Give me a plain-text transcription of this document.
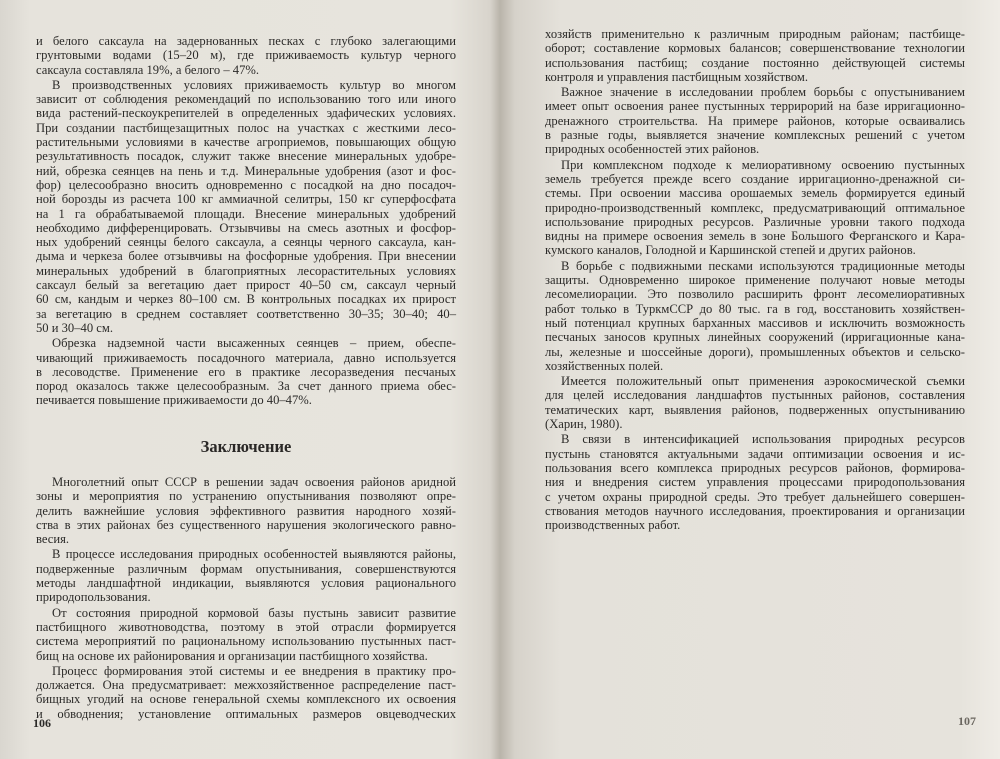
и белого саксаула на задернованных песках с глубоко залегающими
грунтовыми водами (15–20 м), где приживаемость культур черного
саксаула составляла 19%, а белого – 47%.
В производственных условиях приживаемость культур во многом
зависит от соблюдения рекомендаций по использованию того или иного
вида растений-пескоукрепителей в определенных эдафических условиях.
При создании пастбищезащитных полос на участках с жесткими лесо-
растительными условиями в качестве агроприемов, повышающих общую
результативность посадок, служит также внесение минеральных удобре-
ний, обрезка сеянцев на пень и т.д. Минеральные удобрения (азот и фос-
фор) целесообразно вносить одновременно с посадкой на дно посадоч-
ной борозды из расчета 100 кг аммиачной селитры, 150 кг суперфосфата
на 1 га обрабатываемой площади. Внесение минеральных удобрений
необходимо дифференцировать. Отзывчивы на смесь азотных и фосфор-
ных удобрений сеянцы белого саксаула, а сеянцы черного саксаула, кан-
дыма и черкеза более отзывчивы на фосфорные удобрения. При внесении
минеральных удобрений в благоприятных лесорастительных условиях
саксаул белый за вегетацию дает прирост 40–50 см, саксаул черный
60 см, кандым и черкез 80–100 см. В контрольных посадках их прирост
за вегетацию в среднем составляет соответственно 30–35; 30–40; 40–
50 и 30–40 см.
Обрезка надземной части высаженных сеянцев – прием, обеспе-
чивающий приживаемость посадочного материала, давно используется
в лесоводстве. Применение его в практике лесоразведения песчаных
пород оказалось также целесообразным. За счет данного приема обес-
печивается повышение приживаемости до 40–47%.
Заключение
Многолетний опыт СССР в решении задач освоения районов аридной
зоны и мероприятия по устранению опустынивания позволяют опре-
делить важнейшие условия эффективного развития народного хозяй-
ства в этих районах без существенного нарушения экологического равно-
весия.
В процессе исследования природных особенностей выявляются районы,
подверженные различным формам опустынивания, совершенствуются
методы ландшафтной индикации, выявляются условия рационального
природопользования.
От состояния природной кормовой базы пустынь зависит развитие
пастбищного животноводства, поэтому в этой отрасли формируется
система мероприятий по рациональному использованию пустынных паст-
бищ на основе их районирования и организации пастбищного хозяйства.
Процесс формирования этой системы и ее внедрения в практику про-
должается. Она предусматривает: межхозяйственное распределение паст-
бищных угодий на основе генеральной схемы комплексного их освоения
и обводнения; установление оптимальных размеров овцеводческих
106
хозяйств применительно к различным природным районам; пастбище-
оборот; составление кормовых балансов; совершенствование технологии
использования пастбищ; создание постоянно действующей системы
контроля и управления пастбищным хозяйством.
Важное значение в исследовании проблем борьбы с опустыниванием
имеет опыт освоения ранее пустынных террирорий на базе ирригационно-
дренажного строительства. На примере районов, которые осваивались
в разные годы, выявляется значение комплексных решений с учетом
природных особенностей этих районов.
При комплексном подходе к мелиоративному освоению пустынных
земель требуется прежде всего создание ирригационно-дренажной си-
стемы. При освоении массива орошаемых земель формируется единый
природно-производственный комплекс, предусматривающий оптимальное
использование природных ресурсов. Различные уровни такого подхода
видны на примере освоения земель в зоне Большого Ферганского и Кара-
кумского каналов, Голодной и Каршинской степей и других районов.
В борьбе с подвижными песками используются традиционные методы
защиты. Одновременно широкое применение получают новые методы
лесомелиорации. Это позволило расширить фронт лесомелиоративных
работ только в ТуркмССР до 80 тыс. га в год, восстановить хозяйствен-
ный потенциал крупных барханных массивов и исключить возможность
песчаных заносов крупных линейных сооружений (ирригационные кана-
лы, железные и шоссейные дороги), промышленных объектов и сельско-
хозяйственных полей.
Имеется положительный опыт применения аэрокосмической съемки
для целей исследования ландшафтов пустынных районов, составления
тематических карт, выявления районов, подверженных опустыниванию
(Харин, 1980).
В связи в интенсификацией использования природных ресурсов
пустынь становятся актуальными задачи оптимизации освоения и ис-
пользования всего комплекса природных ресурсов районов, формирова-
ния и внедрения систем управления процессами природопользования
с учетом охраны природной среды. Это требует дальнейшего совершен-
ствования методов научного исследования, проектирования и организации
производственных работ.
107
